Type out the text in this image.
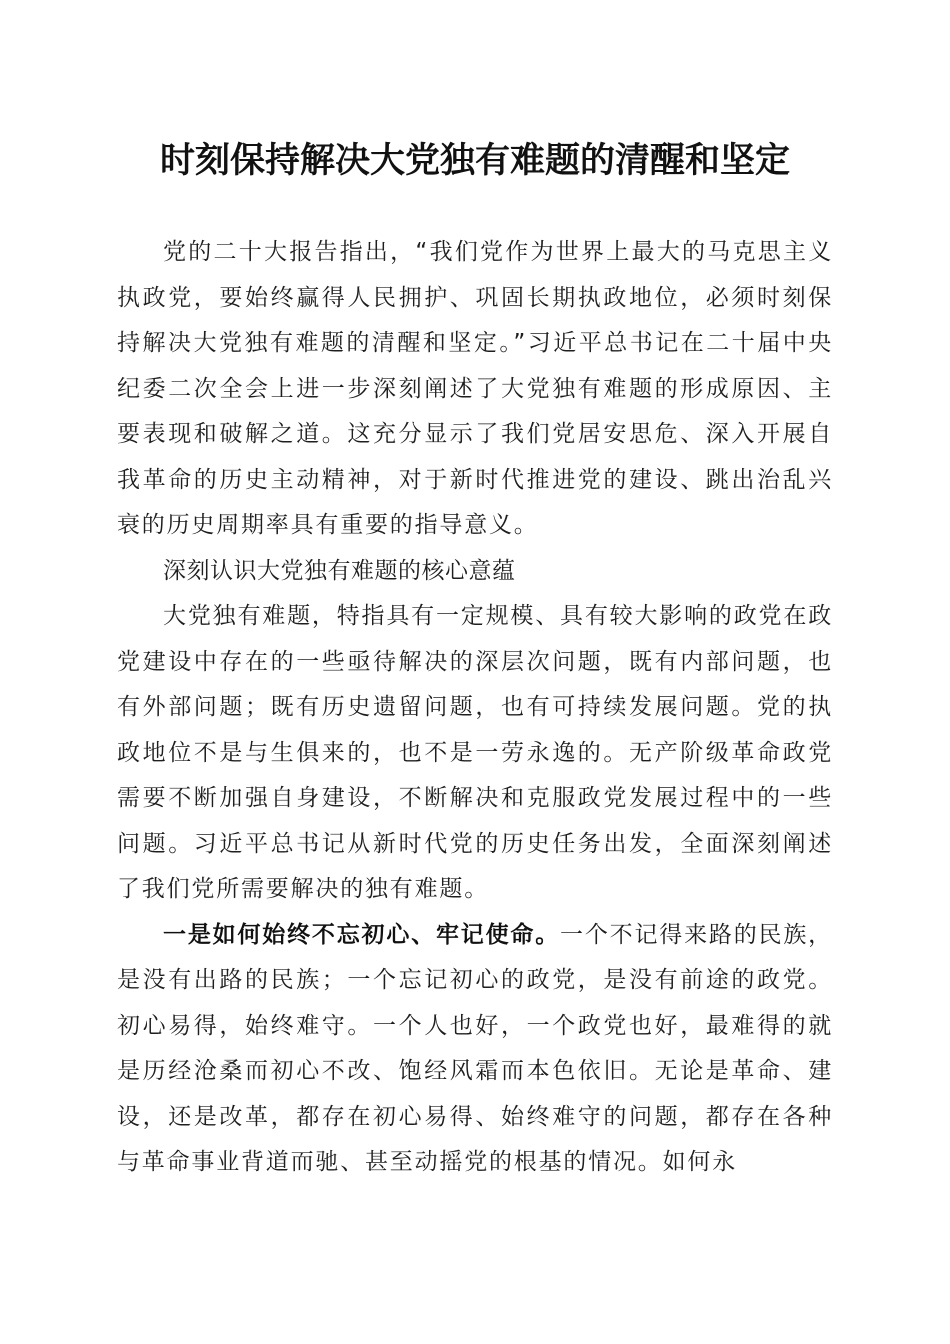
时刻保持解决大党独有难题的清醒和坚定

党的二十大报告指出，“我们党作为世界上最大的马克思主义执政党，要始终赢得人民拥护、巩固长期执政地位，必须时刻保持解决大党独有难题的清醒和坚定。”习近平总书记在二十届中央纪委二次全会上进一步深刻阐述了大党独有难题的形成原因、主要表现和破解之道。这充分显示了我们党居安思危、深入开展自我革命的历史主动精神，对于新时代推进党的建设、跳出治乱兴衰的历史周期率具有重要的指导意义。

深刻认识大党独有难题的核心意蕴

大党独有难题，特指具有一定规模、具有较大影响的政党在政党建设中存在的一些亟待解决的深层次问题，既有内部问题，也有外部问题；既有历史遗留问题，也有可持续发展问题。党的执政地位不是与生俱来的，也不是一劳永逸的。无产阶级革命政党需要不断加强自身建设，不断解决和克服政党发展过程中的一些问题。习近平总书记从新时代党的历史任务出发，全面深刻阐述了我们党所需要解决的独有难题。

一是如何始终不忘初心、牢记使命。一个不记得来路的民族，是没有出路的民族；一个忘记初心的政党，是没有前途的政党。初心易得，始终难守。一个人也好，一个政党也好，最难得的就是历经沧桑而初心不改、饱经风霜而本色依旧。无论是革命、建设，还是改革，都存在初心易得、始终难守的问题，都存在各种与革命事业背道而驰、甚至动摇党的根基的情况。如何永
